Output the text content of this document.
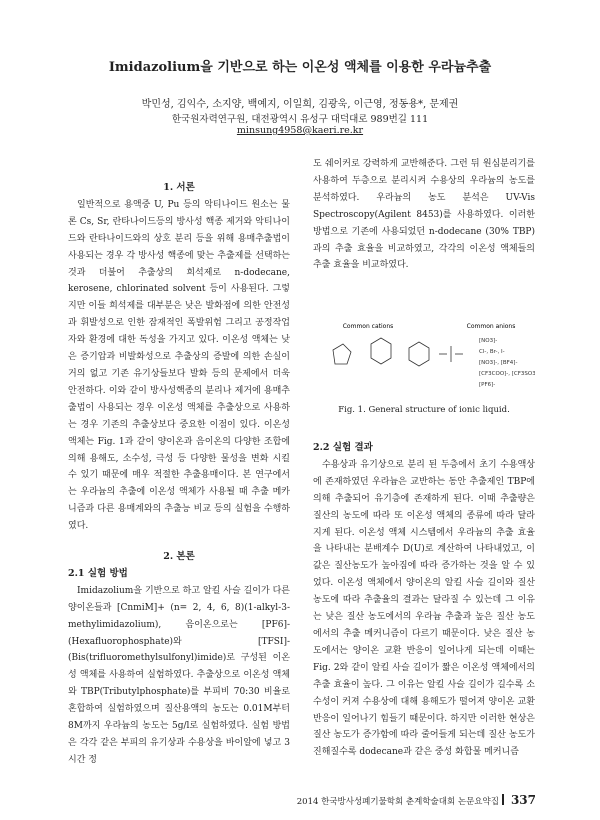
Imidazolium을 기반으로 하는 이온성 액체를 이용한 우라늄추출
박민성, 김익수, 소지양, 백예지, 이일희, 김광욱, 이근영, 정동용*, 문제권
한국원자력연구원, 대전광역시 유성구 대덕대로 989번길 111
minsung4958@kaeri.re.kr

1. 서론

일반적으로 용액중 U, Pu 등의 악티나이드 원소는 물론 Cs, Sr, 란타나이드등의 방사성 핵종 제거와 악티나이드와 란타나이드와의 상호 분리 등을 위해 용매추출법이 사용되는 경우 각 방사성 핵종에 맞는 추출제를 선택하는 것과 더불어 추출상의 희석제로 n-dodecane, kerosene, chlorinated solvent 등이 사용된다. 그렇지만 이들 희석제를 대부분은 낮은 발화점에 의한 안전성과 휘발성으로 인한 잠재적인 폭발위험 그리고 공정작업자와 환경에 대한 독성을 가지고 있다. 이온성 액체는 낮은 증기압과 비발화성으로 추출상의 증발에 의한 손실이 거의 없고 기존 유기상들보다 발화 등의 문제에서 더욱 안전하다. 이와 같이 방사성핵종의 분리나 제거에 용매추출법이 사용되는 경우 이온성 액체를 추출상으로 사용하는 경우 기존의 추출상보다 중요한 이점이 있다. 이온성 액체는 Fig. 1과 같이 양이온과 음이온의 다양한 조합에 의해 용해도, 소수성, 극성 등 다양한 물성을 변화 시킬 수 있기 때문에 매우 적절한 추출용매이다. 본 연구에서는 우라늄의 추출에 이온성 액체가 사용될 때 추출 메카니즘과 다른 용매계와의 추출능 비교 등의 실험을 수행하였다.

2. 본론

2.1 실험 방법

Imidazolium을 기반으로 하고 알킬 사슬 길이가 다른 양이온들과 [CnmiM]+ (n= 2, 4, 6, 8)(1-alkyl-3-methylimidazolium), 음이온으로는 [PF6]-(Hexafluorophosphate)와 [TFSI]-(Bis(trifluoromethylsulfonyl)imide)로 구성된 이온성 액체를 사용하여 실험하였다. 추출상으로 이온성 액체와 TBP(Tributylphosphate)를 부피비 70:30 비율로 혼합하여 실험하였으며 질산용액의 농도는 0.01M부터 8M까지 우라늄의 농도는 5g/l로 실험하였다. 실험 방법은 각각 같은 부피의 유기상과 수용상을 바이알에 넣고 3시간 정

도 쉐이커로 강력하게 교반해준다. 그런 뒤 원심분리기를 사용하여 두층으로 분리시켜 수용상의 우라늄의 농도를 분석하였다. 우라늄의 농도 분석은 UV-Vis Spectroscopy(Agilent 8453)를 사용하였다. 이러한 방법으로 기존에 사용되었던 n-dodecane (30% TBP)과의 추출 효율을 비교하였고, 각각의 이온성 액체들의 추출 효율을 비교하였다.

Common cations	Common anions
[NO3]-
Cl-, Br-, I-
[NO3]-, [BF4]-
[CF3COO]-, [CF3SO3]-
[PF6]-
Fig. 1. General structure of ionic liquid.

2.2 실험 결과

수용상과 유기상으로 분리 된 두층에서 초기 수용액상에 존재하였던 우라늄은 교반하는 동안 추출제인 TBP에 의해 추출되어 유기층에 존재하게 된다. 이때 추출량은 질산의 농도에 따라 또 이온성 액체의 종류에 따라 달라지게 된다. 이온성 액체 시스템에서 우라늄의 추출 효율을 나타내는 분배계수 D(U)로 계산하여 나타내었고, 이 값은 질산농도가 높아짐에 따라 증가하는 것을 알 수 있었다. 이온성 액체에서 양이온의 알킬 사슬 길이와 질산 농도에 따라 추출율의 결과는 달라질 수 있는데 그 이유는 낮은 질산 농도에서의 우라늄 추출과 높은 질산 농도에서의 추출 메커니즘이 다르기 때문이다. 낮은 질산 농도에서는 양이온 교환 반응이 일어나게 되는데 이때는 Fig. 2와 같이 알킬 사슬 길이가 짧은 이온성 액체에서의 추출 효율이 높다. 그 이유는 알킬 사슬 길이가 길수록 소수성이 커져 수용상에 대해 용해도가 떨어져 양이온 교환반응이 일어나기 힘들기 때문이다. 하지만 이러한 현상은 질산 농도가 증가함에 따라 줄어들게 되는데 질산 농도가 진해질수록 dodecane과 같은 중성 화합물 메커니즘

2014 한국방사성폐기물학회 춘계학술대회 논문요약집 337
